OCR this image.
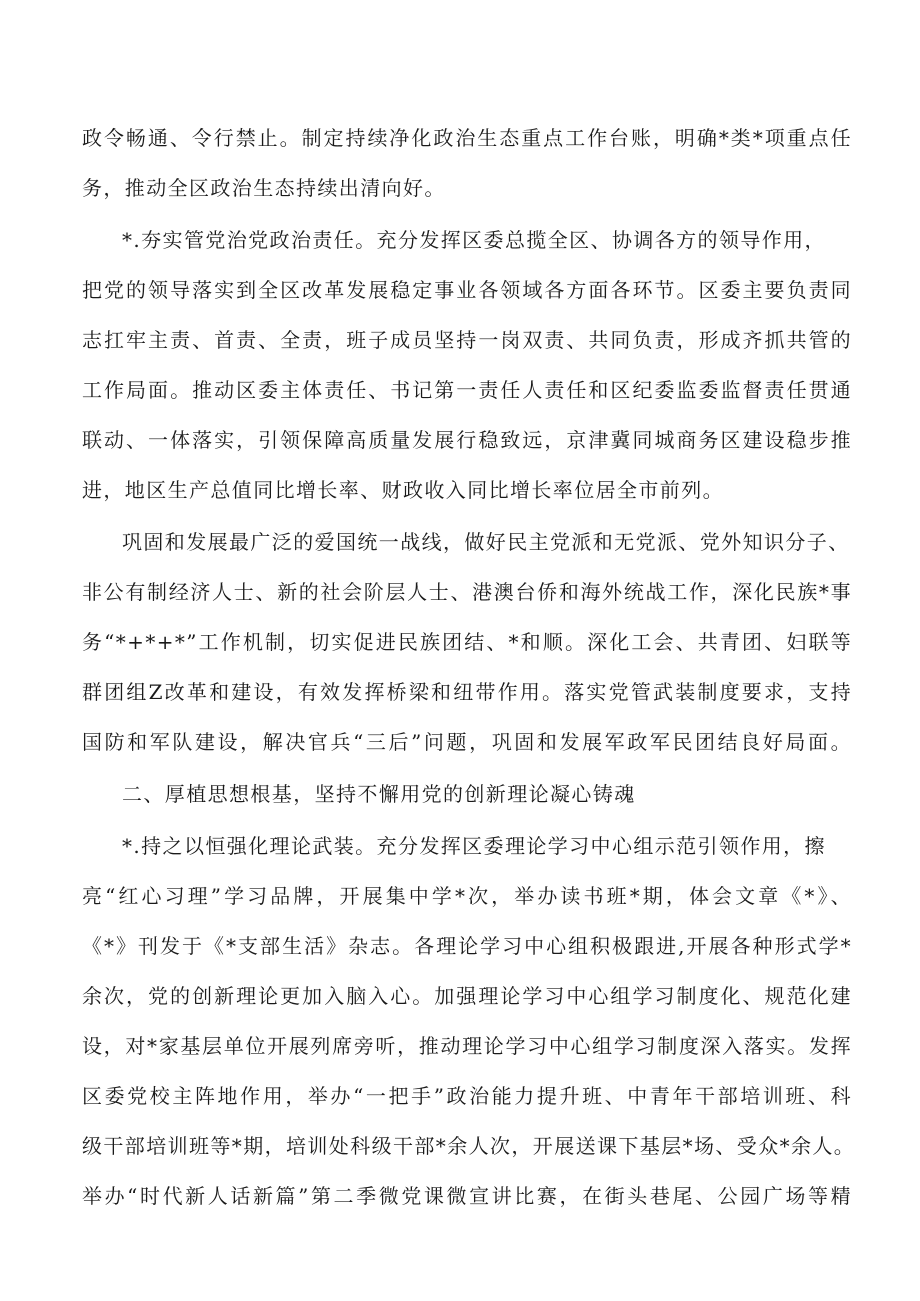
政令畅通、令行禁止。制定持续净化政治生态重点工作台账，明确*类*项重点任
务，推动全区政治生态持续出清向好。
*.夯实管党治党政治责任。充分发挥区委总揽全区、协调各方的领导作用，
把党的领导落实到全区改革发展稳定事业各领域各方面各环节。区委主要负责同
志扛牢主责、首责、全责，班子成员坚持一岗双责、共同负责，形成齐抓共管的
工作局面。推动区委主体责任、书记第一责任人责任和区纪委监委监督责任贯通
联动、一体落实，引领保障高质量发展行稳致远，京津冀同城商务区建设稳步推
进，地区生产总值同比增长率、财政收入同比增长率位居全市前列。
巩固和发展最广泛的爱国统一战线，做好民主党派和无党派、党外知识分子、
非公有制经济人士、新的社会阶层人士、港澳台侨和海外统战工作，深化民族*事
务“*+*+*”工作机制，切实促进民族团结、*和顺。深化工会、共青团、妇联等
群团组Z改革和建设，有效发挥桥梁和纽带作用。落实党管武装制度要求，支持
国防和军队建设，解决官兵“三后”问题，巩固和发展军政军民团结良好局面。
二、厚植思想根基，坚持不懈用党的创新理论凝心铸魂
*.持之以恒强化理论武装。充分发挥区委理论学习中心组示范引领作用，擦
亮“红心习理”学习品牌，开展集中学*次，举办读书班*期，体会文章《*》、
《*》刊发于《*支部生活》杂志。各理论学习中心组积极跟进,开展各种形式学*
余次，党的创新理论更加入脑入心。加强理论学习中心组学习制度化、规范化建
设，对*家基层单位开展列席旁听，推动理论学习中心组学习制度深入落实。发挥
区委党校主阵地作用，举办“一把手”政治能力提升班、中青年干部培训班、科
级干部培训班等*期，培训处科级干部*余人次，开展送课下基层*场、受众*余人。
举办“时代新人话新篇”第二季微党课微宣讲比赛，在街头巷尾、公园广场等精
